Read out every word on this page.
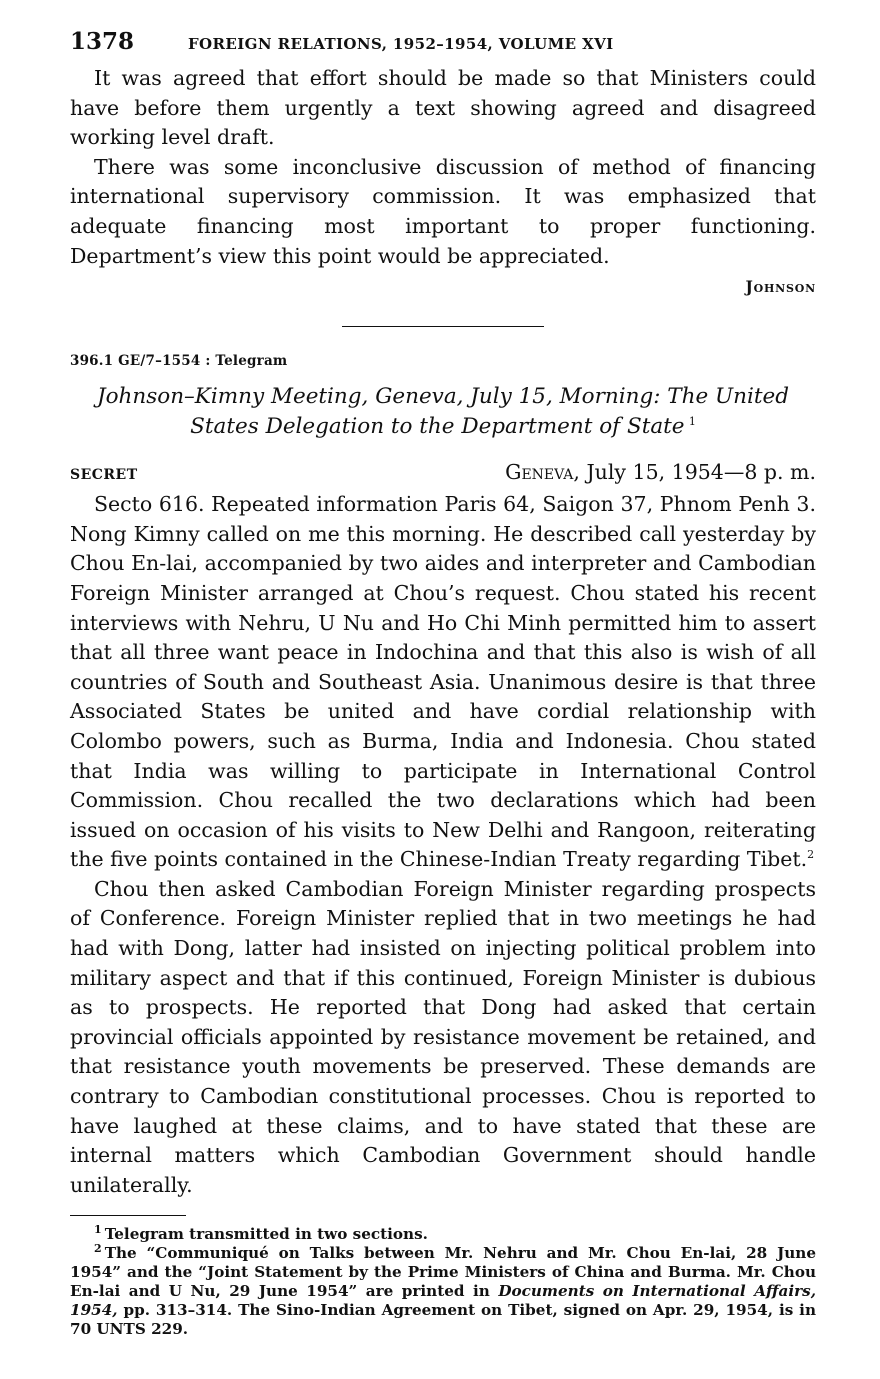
1378	FOREIGN RELATIONS, 1952–1954, VOLUME XVI

It was agreed that effort should be made so that Ministers could have before them urgently a text showing agreed and disagreed working level draft.

There was some inconclusive discussion of method of financing international supervisory commission. It was emphasized that adequate financing most important to proper functioning. Department’s view this point would be appreciated.

Johnson
396.1 GE/7–1554 : Telegram
Johnson–Kimny Meeting, Geneva, July 15, Morning: The United
States Delegation to the Department of State  $^1$
SECRET	Geneva, July 15, 1954—8 p. m.

Secto 616. Repeated information Paris 64, Saigon 37, Phnom Penh 3. Nong Kimny called on me this morning. He described call yesterday by Chou En-lai, accompanied by two aides and interpreter and Cambodian Foreign Minister arranged at Chou’s request. Chou stated his recent interviews with Nehru, U Nu and Ho Chi Minh permitted him to assert that all three want peace in Indochina and that this also is wish of all countries of South and Southeast Asia. Unanimous desire is that three Associated States be united and have cordial relationship with Colombo powers, such as Burma, India and Indonesia. Chou stated that India was willing to participate in International Control Commission. Chou recalled the two declarations which had been issued on occasion of his visits to New Delhi and Rangoon, reiterating the five points contained in the Chinese-Indian Treaty regarding Tibet.$^2$

Chou then asked Cambodian Foreign Minister regarding prospects of Conference. Foreign Minister replied that in two meetings he had had with Dong, latter had insisted on injecting political problem into military aspect and that if this continued, Foreign Minister is dubious as to prospects. He reported that Dong had asked that certain provincial officials appointed by resistance movement be retained, and that resistance youth movements be preserved. These demands are contrary to Cambodian constitutional processes. Chou is reported to have laughed at these claims, and to have stated that these are internal matters which Cambodian Government should handle unilaterally.

$^1$  Telegram transmitted in two sections.

$^2$  The “Communiqué on Talks between Mr. Nehru and Mr. Chou En-lai, 28 June 1954” and the “Joint Statement by the Prime Ministers of China and Burma. Mr. Chou En-lai and U Nu, 29 June 1954” are printed in Documents on International Affairs, 1954, pp. 313–314. The Sino-Indian Agreement on Tibet, signed on Apr. 29, 1954, is in 70 UNTS 229.
